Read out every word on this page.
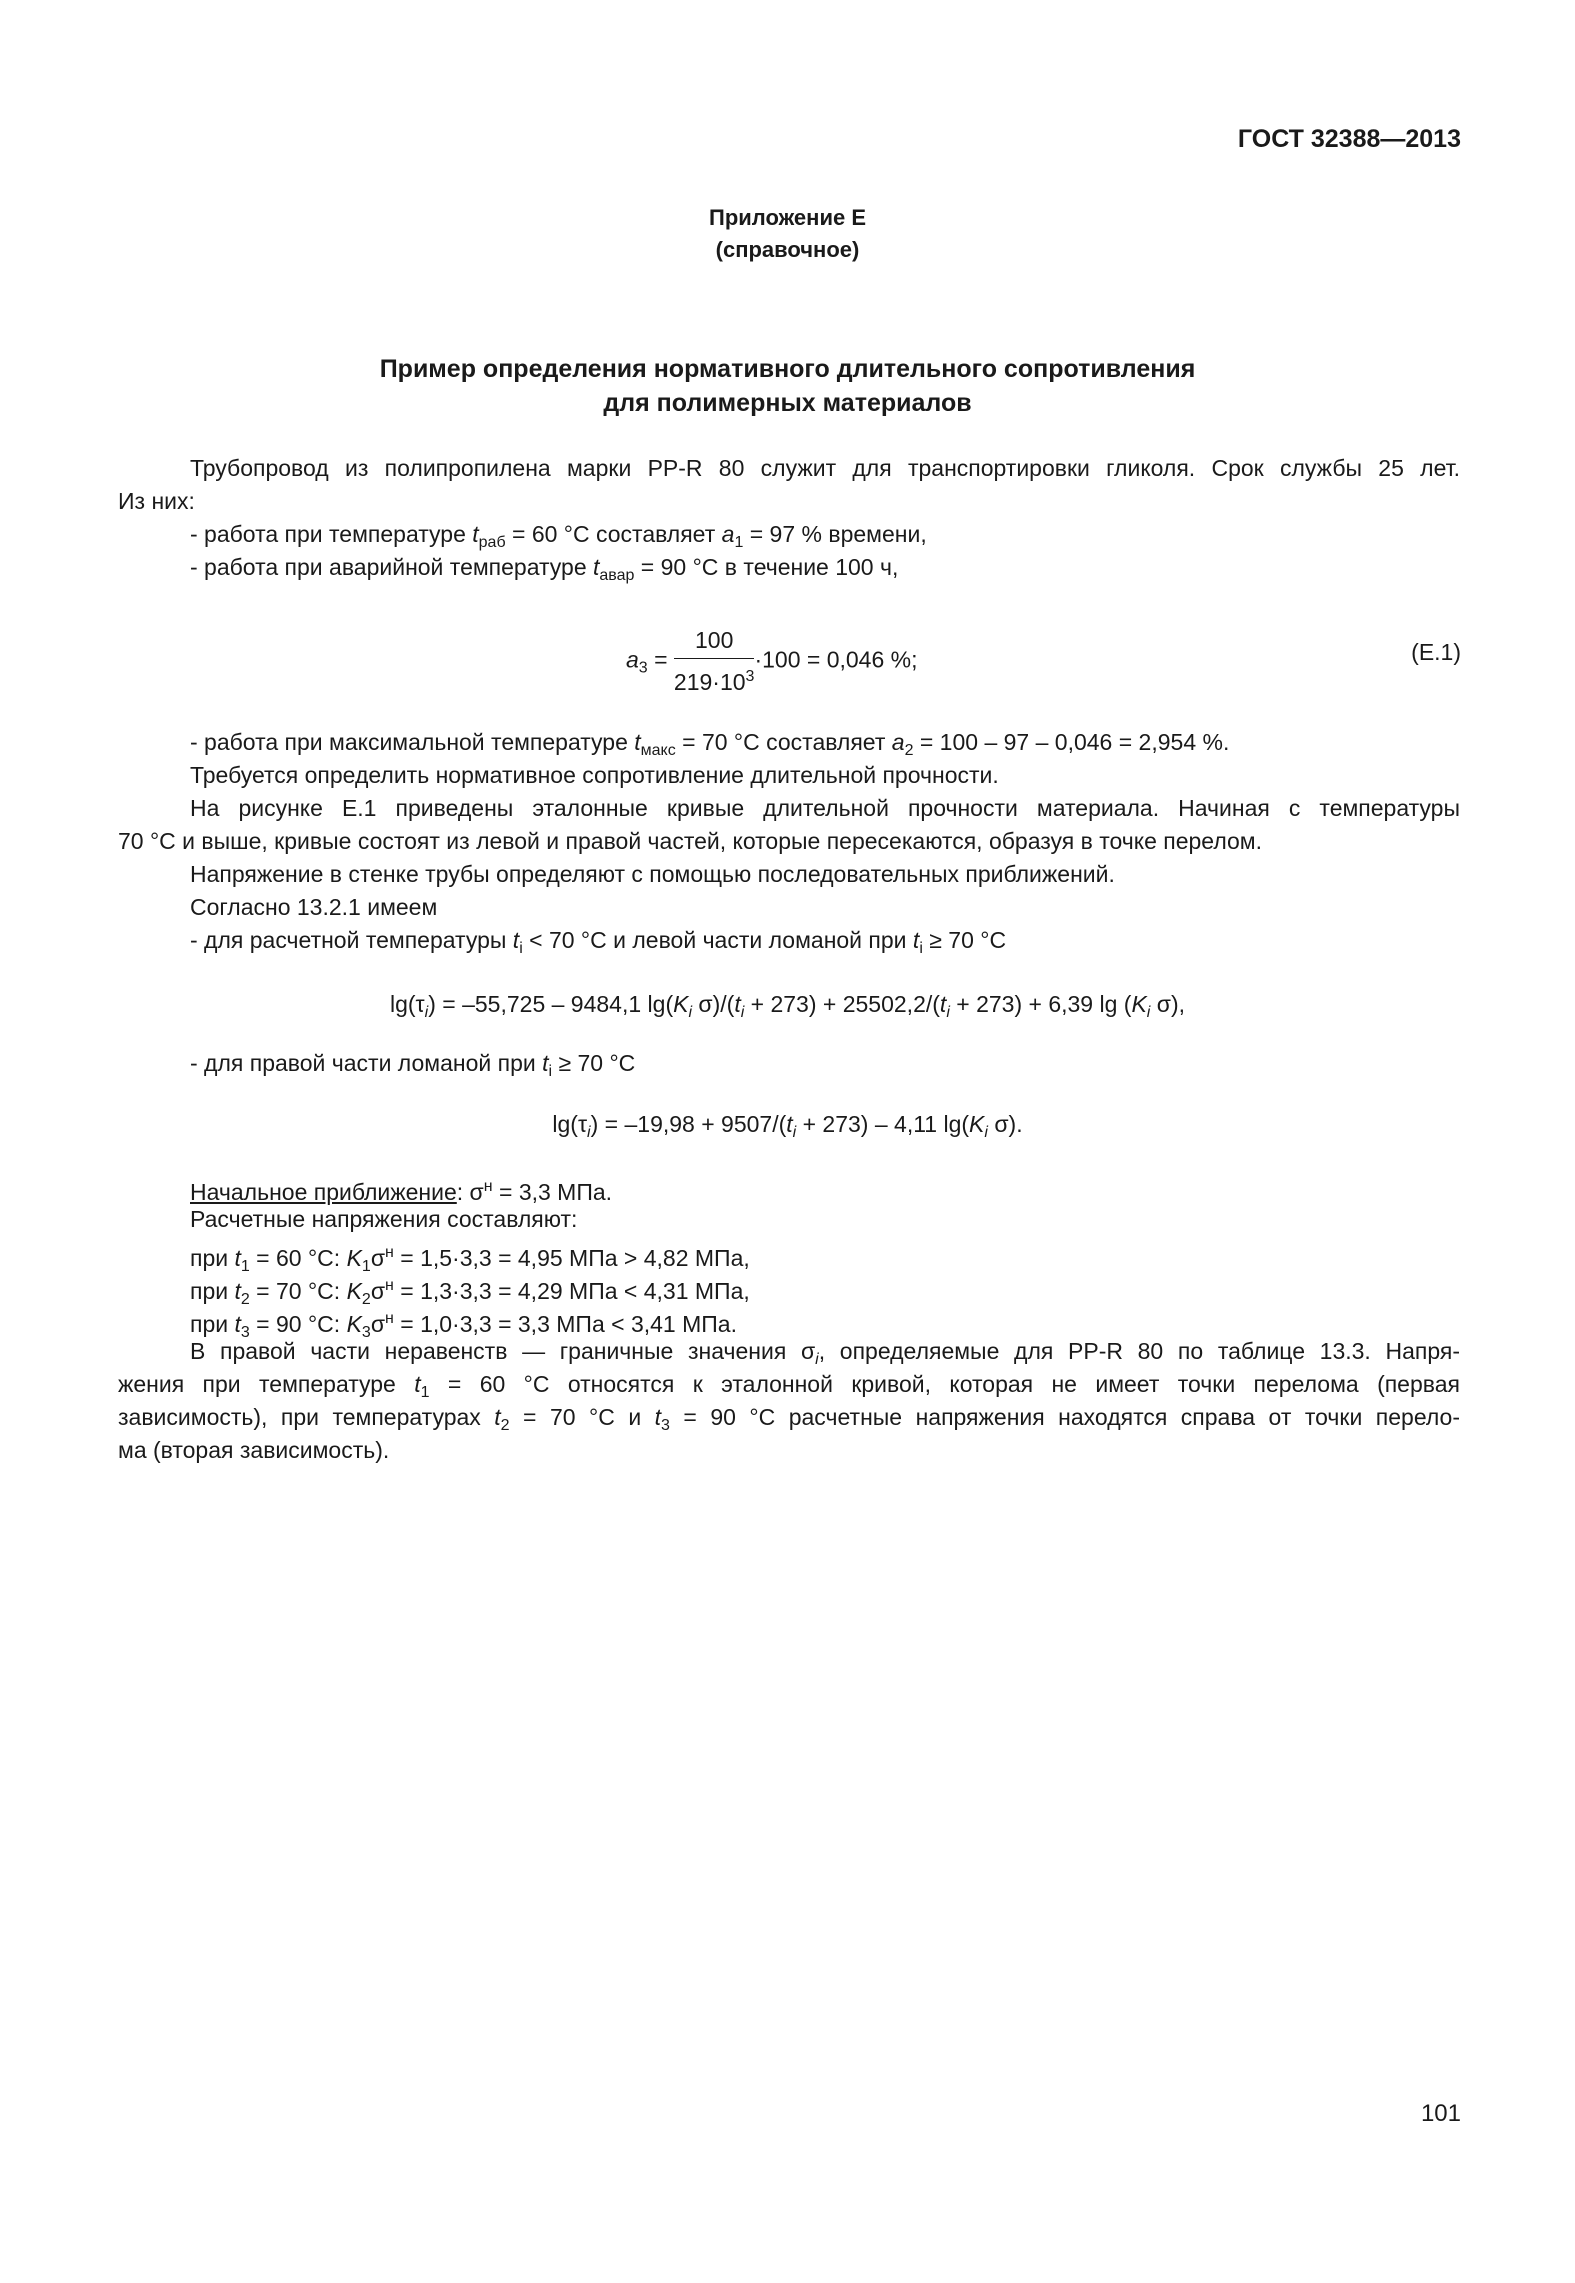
ГОСТ 32388—2013
Приложение Е
(справочное)
Пример определения нормативного длительного сопротивления
для полимерных материалов
Трубопровод из полипропилена марки PP-R 80 служит для транспортировки гликоля. Срок службы 25 лет.
Из них:
- работа при температуре $t_{раб} = 60$ °С составляет $a_1 = 97$ % времени,
- работа при аварийной температуре $t_{авар} = 90$ °С в течение 100 ч,
$a_3 = \frac{100}{219\cdot 10^3} \cdot 100 = 0,046$ %;	(Е.1)
- работа при максимальной температуре $t_{макс} = 70$ °С составляет $a_2 = 100 - 97 - 0,046 = 2,954$ %.
Требуется определить нормативное сопротивление длительной прочности.
На рисунке Е.1 приведены эталонные кривые длительной прочности материала. Начиная с температуры
70 °С и выше, кривые состоят из левой и правой частей, которые пересекаются, образуя в точке перелом.
Напряжение в стенке трубы определяют с помощью последовательных приближений.
Согласно 13.2.1 имеем
- для расчетной температуры $t_i < 70$ °С и левой части ломаной при $t_i \ge 70$ °С
$\lg(\tau_i) = -55,725 - 9484,1$ $\lg(K_i$ $\sigma)/(t_i + 273) + 25502,2/(t_i + 273) + 6,39$ $\lg (K_i$ σ),
- для правой части ломаной при $t_i \ge 70$ °С
$\lg(\tau_i) = -19,98 + 9507/(t_i + 273) - 4,11$ $\lg(K_i$ σ).
Начальное приближение: $\sigma^н = 3,3$ МПа.
Расчетные напряжения составляют:
при $t_1 = 60$ °С: $K_1\sigma^н = 1,5\cdot 3,3 = 4,95$ МПа > 4,82 МПа,
при $t_2 = 70$ °С: $K_2\sigma^н = 1,3\cdot 3,3 = 4,29$ МПа < 4,31 МПа,
при $t_3 = 90$ °С: $K_3\sigma^н = 1,0\cdot 3,3 = 3,3$ МПа < 3,41 МПа.
В правой части неравенств — граничные значения $\sigma_i$, определяемые для PP-R 80 по таблице 13.3. Напря-
жения при температуре $t_1 = 60$ °С относятся к эталонной кривой, которая не имеет точки перелома (первая
зависимость), при температурах $t_2 = 70$ °С и $t_3 = 90$ °С расчетные напряжения находятся справа от точки перело-
ма (вторая зависимость).
101
